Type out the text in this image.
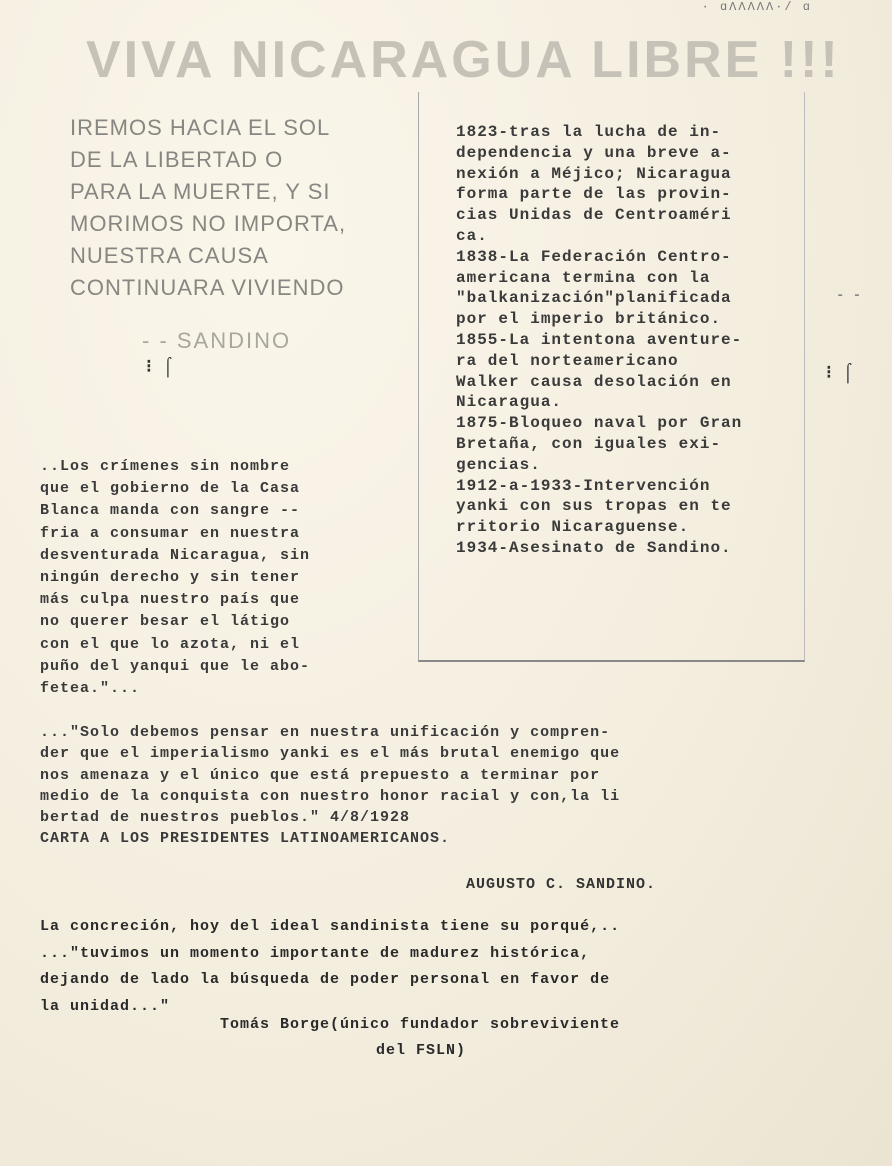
· ɑΛΛΛΛΛ·/ ɑ
VIVA NICARAGUA LIBRE !!!
IREMOS HACIA EL SOL
DE LA LIBERTAD O
PARA LA MUERTE, Y SI
MORIMOS NO IMPORTA,
NUESTRA CAUSA
CONTINUARA VIVIENDO
- - SANDINO
⁝ ⌠	⁝ ⌠
- -
1823-tras la lucha de in-
dependencia y una breve a-
nexión a Méjico; Nicaragua
forma parte de las provin-
cias Unidas de Centroaméri
ca.
1838-La Federación Centro-
americana termina con la
"balkanización"planificada
por el imperio británico.
1855-La intentona aventure-
ra del norteamericano
Walker causa desolación en
Nicaragua.
1875-Bloqueo naval por Gran
Bretaña, con iguales exi-
gencias.
1912-a-1933-Intervención
yanki con sus tropas en te
rritorio Nicaraguense.
1934-Asesinato de Sandino.
..Los crímenes sin nombre
que el gobierno de la Casa
Blanca manda con sangre --
fria a consumar en nuestra
desventurada Nicaragua, sin
ningún derecho y sin tener
más culpa nuestro país que
no querer besar el látigo
con el que lo azota, ni el
puño del yanqui que le abo-
fetea."...
..."Solo debemos pensar en nuestra unificación y compren-
der que el imperialismo yanki es el más brutal enemigo que
nos amenaza y el único que está prepuesto a terminar por
medio de la conquista con nuestro honor racial y con,la li
bertad de nuestros pueblos." 4/8/1928
CARTA A LOS PRESIDENTES LATINOAMERICANOS.
AUGUSTO C. SANDINO.
La concreción, hoy del ideal sandinista tiene su porqué,..
..."tuvimos un momento importante de madurez histórica,
dejando de lado la búsqueda de poder personal en favor de
la unidad..."
Tomás Borge(único fundador sobreviviente
del FSLN)
